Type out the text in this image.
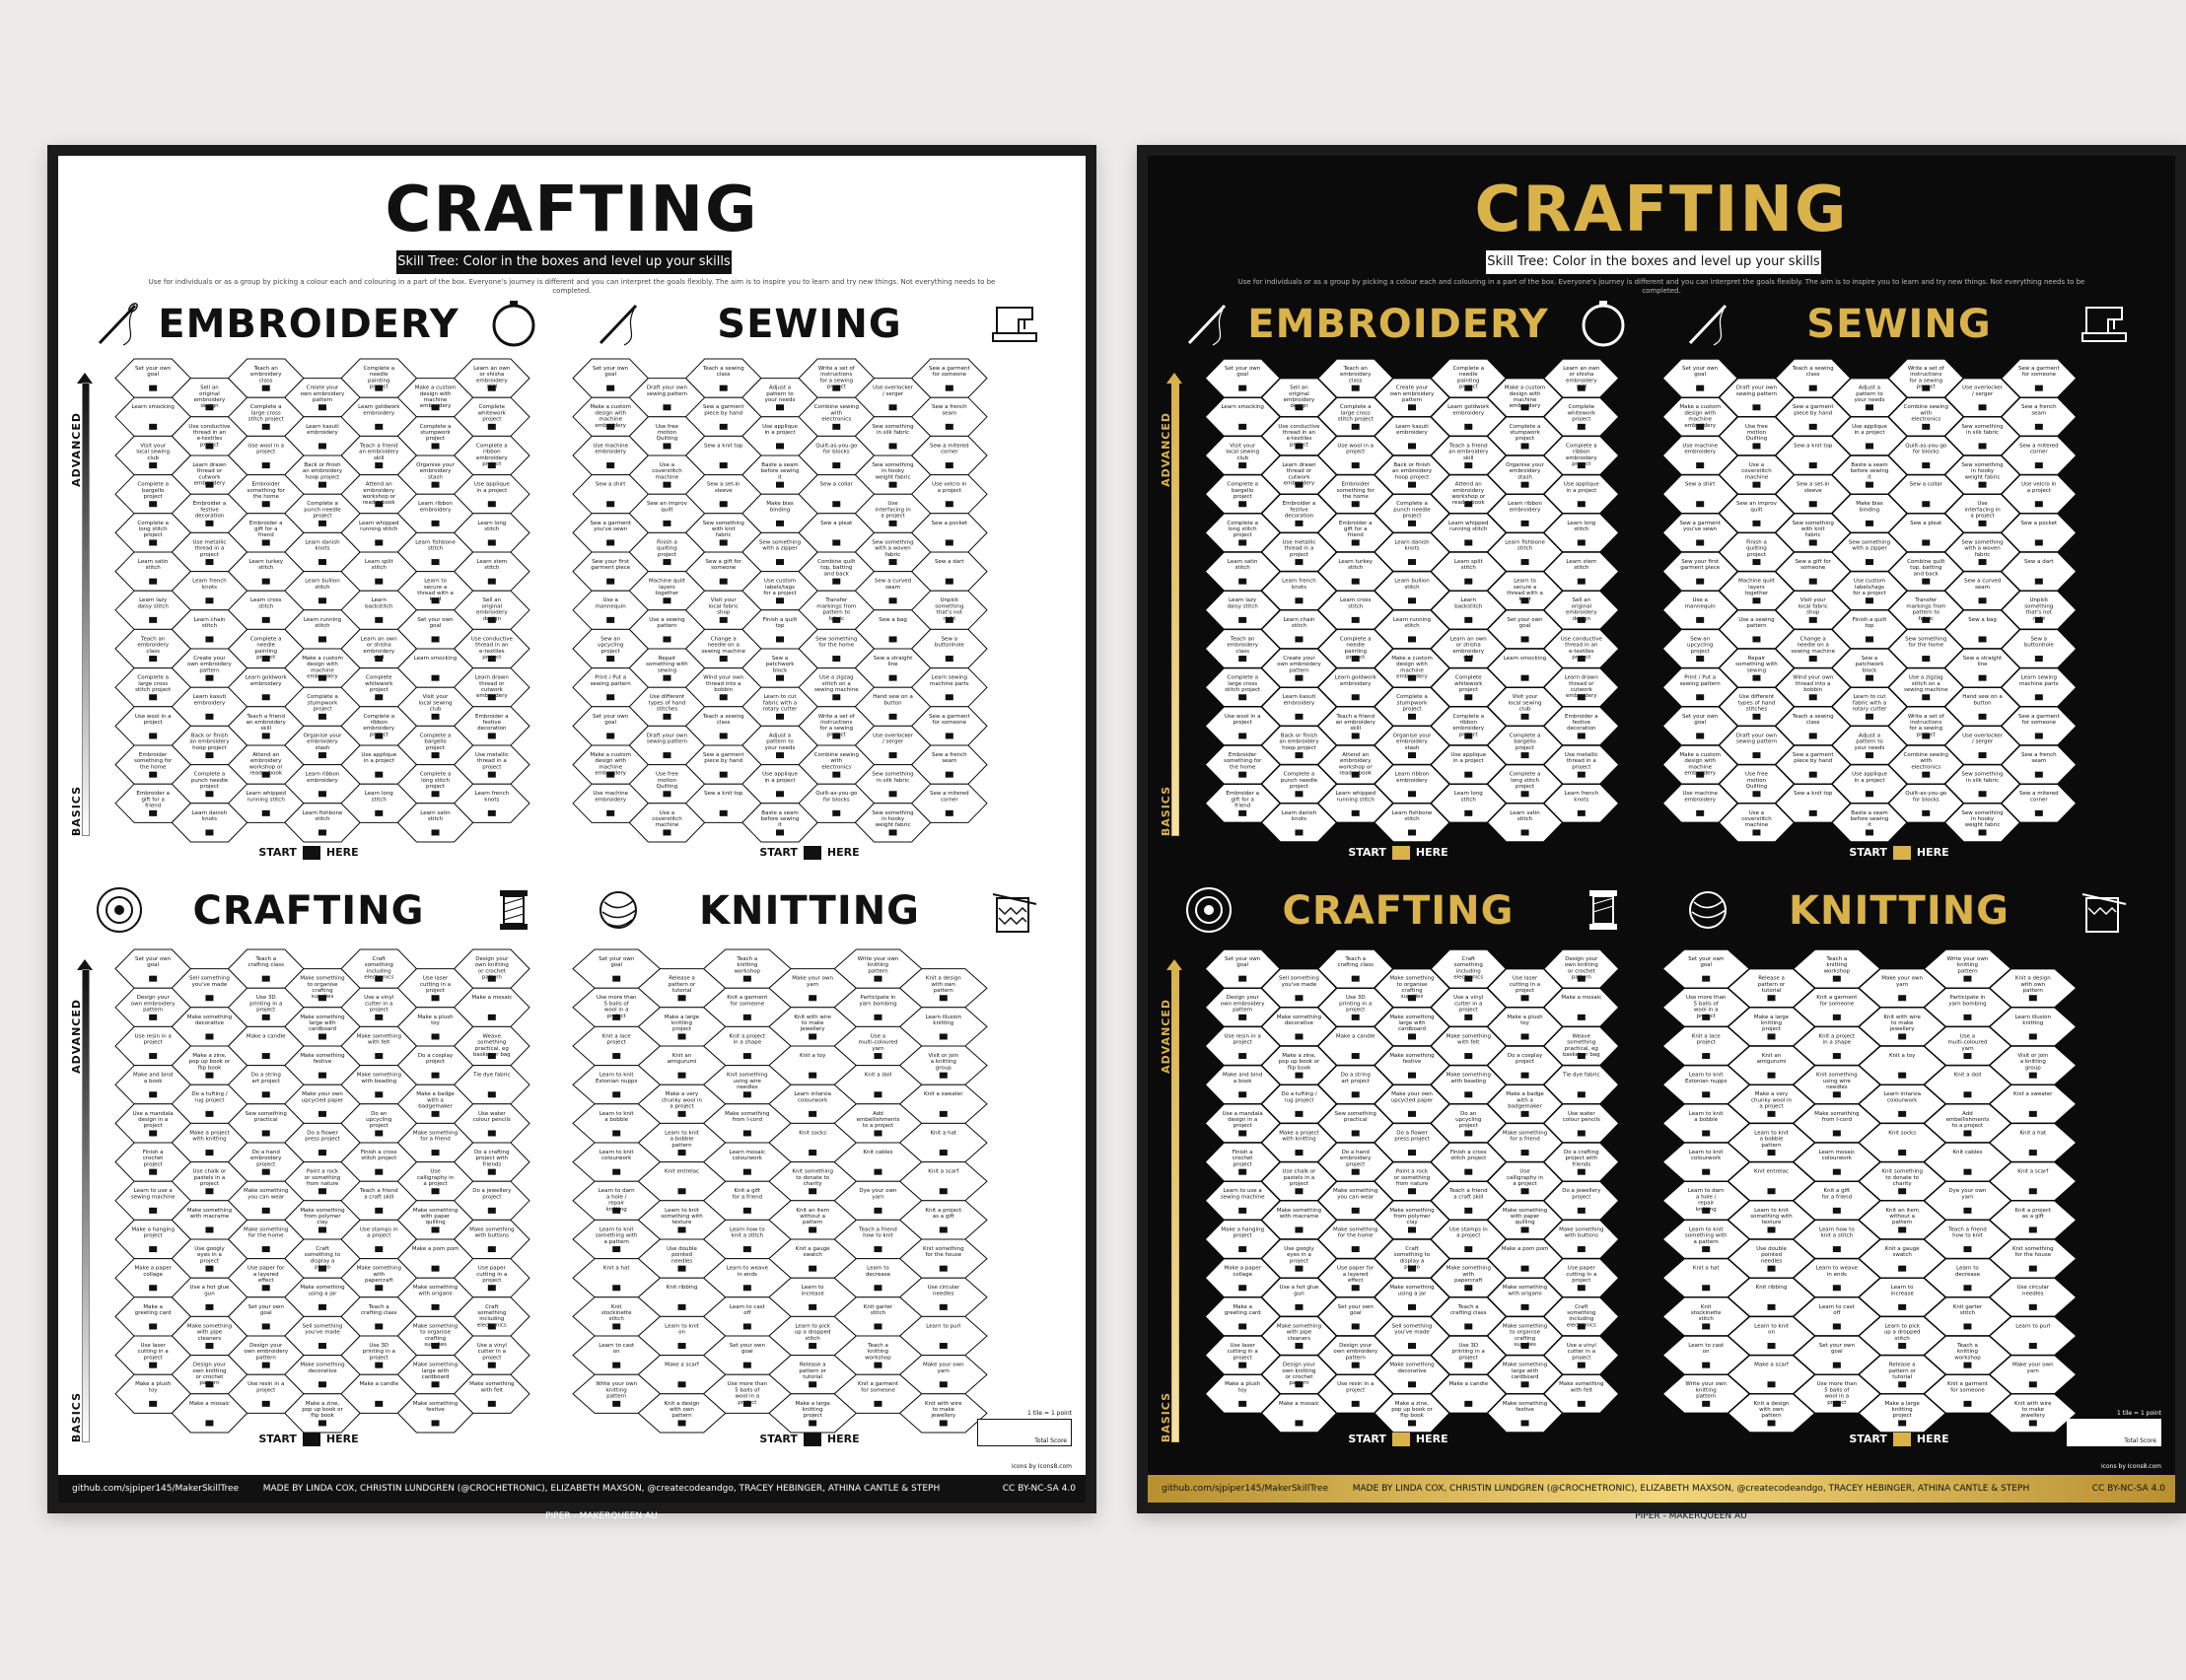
CRAFTING
Skill Tree: Color in the boxes and level up your skills
Use for individuals or as a group by picking a colour each and colouring in a part of the box. Everyone's journey is different and you can interpret the goals flexibly. The aim is to inspire you to learn and try new things. Not everything needs to be completed.
EMBROIDERY
ADVANCED
BASICS
Set your own
goal
Sell an
original
embroidery
Teach an
embroidery
class
Create your
own embroidery
pattern
Complete a
needle
painting
Make a custom
design with
machine
Learn an own
or shisha
embroidery
Learn smocking
Use conductive
thread in an
e-textiles
Complete a
large cross
stitch project
Learn kasuti
embroidery
Learn goldwork
embroidery
Complete a
stumpwork
project
Complete
whitework
project
Visit your
local sewing
club
Learn drawn
thread or
cutwork
Use wool in a
project
Back or finish
an embroidery
hoop project
Teach a friend
an embroidery
skill
Organise your
embroidery
stash
Complete a
ribbon
embroidery
Complete a
bargello
project
Embroider a
festive
decoration
Embroider
something for
the home
Complete a
punch needle
project
Attend an
embroidery
workshop or
read book	Learn ribbon
embroidery
Use applique
in a project
Complete a
long stitch
project
Use metallic
thread in a
project
Embroider a
gift for a
friend
Learn danish
knots
Learn whipped
running stitch
Learn fishbone
stitch
Learn long
stitch
Learn satin
stitch
Learn french
knots
Learn turkey
stitch
Learn bullion
stitch
Learn split
stitch
Learn to
secure a
thread with a
Learn stem
stitch
Learn lazy
daisy stitch
Learn chain
stitch
Learn cross
stitch
Learn running
stitch
Learn
backstitch
Set your own
goal
Sell an
original
embroidery
Teach an
embroidery
class
Create your
own embroidery
pattern
Complete a
needle
painting
Make a custom
design with
machine
Learn an own
or shisha
embroidery
Learn smocking
Use conductive
thread in an
e-textiles
Complete a
large cross
stitch project
Learn kasuti
embroidery
Learn goldwork
embroidery
Complete a
stumpwork
project
Complete
whitework
project
Visit your
local sewing
club
Learn drawn
thread or
cutwork
Use wool in a
project
Back or finish
an embroidery
hoop project
Teach a friend
an embroidery
skill
Organise your
embroidery
stash
Complete a
ribbon
embroidery
Complete a
bargello
project
Embroider a
festive
decoration
Embroider
something for
the home
Complete a
punch needle
project
Attend an
embroidery
workshop or
read book	Learn ribbon
embroidery
Use applique
in a project
Complete a
long stitch
project
Use metallic
thread in a
project
Embroider a
gift for a
friend
Learn danish
knots
Learn whipped
running stitch
Learn fishbone
stitch
Learn long
stitch
Learn satin
stitch
Learn french
knots
START	HERE
SEWING
Set your own
goal
Draft your own
sewing pattern
Teach a sewing
class
Adjust a
pattern to
your needs
Write a set of
instructions
for a sewing
Use overlocker
/ serger
Sew a garment
for someone
Make a custom
design with
machine
Use free
motion
Quilting
Sew a garment
piece by hand
Use applique
in a project
Combine sewing
with
electronics
Sew something
in silk fabric
Sew a french
seam
Use machine
embroidery
Use a
coverstitch
machine
Sew a knit top
Baste a seam
before sewing
it
Quilt-as-you-go
for blocks
Sew something
in hooky
weight fabric
Sew a mitered
corner
Sew a shirt
Sew an improv
quilt
Sew a set-in
sleeve
Make bias
binding
Sew a collar
Use
interfacing in
a project
Use velcro in
a project
Sew a garment
you've sewn
Finish a
quilting
project
Sew something
with knit
fabric
Sew something
with a zipper
Sew a pleat
Sew something
with a woven
fabric
Sew a pocket
Sew your first
garment piece
Machine quilt
layers
together
Sew a gift for
someone
Use custom
labels/tags
for a project
Combine quilt
top, batting
and back
Sew a curved
seam
Sew a dart
Use a
mannequin
Use a sewing
pattern
Visit your
local fabric
shop
Finish a quilt
top
Transfer
markings from
pattern to
Sew a bag
Unpick
something
that's not
Sew an
upcycling
project
Repair
something with
sewing
Change a
needle on a
sewing machine
Sew a
patchwork
block
Sew something
for the home
Sew a straight
line
Sew a
buttonhole
Print / Put a
sewing pattern
Use different
types of hand
stitches
Wind your own
thread into a
bobbin
Learn to cut
fabric with a
rotary cutter
Use a zigzag
stitch on a
sewing machine
Hand sew on a
button
Learn sewing
machine parts
Set your own
goal
Draft your own
sewing pattern
Teach a sewing
class
Adjust a
pattern to
your needs
Write a set of
instructions
for a sewing
Use overlocker
/ serger
Sew a garment
for someone
Make a custom
design with
machine
Use free
motion
Quilting
Sew a garment
piece by hand
Use applique
in a project
Combine sewing
with
electronics
Sew something
in silk fabric
Sew a french
seam
Use machine
embroidery
Use a
coverstitch
machine
Sew a knit top
Baste a seam
before sewing
it
Quilt-as-you-go
for blocks
Sew something
in hooky
weight fabric
Sew a mitered
corner
START	HERE
CRAFTING
ADVANCED
BASICS
Set your own
goal
Sell something
you've made
Teach a
crafting class
Make something
to organise
crafting
Craft
something
including
Use laser
cutting in a
project
Design your
own knitting
or crochet
Design your
own embroidery
pattern
Make something
decorative
Use 3D
printing in a
project
Make something
large with
cardboard
Use a vinyl
cutter in a
project
Make a plush
toy
Make a mosaic
Use resin in a
project
Make a zine,
pop up book or
flip book
Make a candle
Make something
festive
Make something
with felt
Do a cosplay
project
Weave
something
practical, eg
basket bag
Make and bind
a book
Do a tufting /
rug project
Do a string
art project
Make your own
upcycled paper
Make something
with beading
Make a badge
with a
badgemaker
Tie dye fabric
Use a mandala
design in a
project
Make a project
with knitting
Sew something
practical
Do a flower
press project
Do an
upcycling
project
Make something
for a friend
Use water
colour pencils
Finish a
crochet
project
Use chalk or
pastels in a
project
Do a hand
embroidery
project
Paint a rock
or something
from nature
Finish a cross
stitch project
Use
calligraphy in
a project
Do a crafting
project with
friends
Learn to use a
sewing machine
Make something
with macrame
Make something
you can wear
Make something
from polymer
clay
Teach a friend
a craft skill
Make something
with paper
quilling
Do a jewellery
project
Make a hanging
project
Use googly
eyes in a
project
Make something
for the home
Craft
something to
display a
Use stamps in
a project
Make a pom pom
Make something
with buttons
Make a paper
collage
Use a hot glue
gun
Use paper for
a layered
effect
Make something
using a jar
Make something
with
papercraft
Make something
with origami
Use paper
cutting in a
project
Make a
greeting card
Make something
with pipe
cleaners
Set your own
goal
Sell something
you've made
Teach a
crafting class
Make something
to organise
crafting
Craft
something
including
Use laser
cutting in a
project
Design your
own knitting
or crochet
Design your
own embroidery
pattern
Make something
decorative
Use 3D
printing in a
project
Make something
large with
cardboard
Use a vinyl
cutter in a
project
Make a plush
toy
Make a mosaic
Use resin in a
project
Make a zine,
pop up book or
flip book
Make a candle
Make something
festive
Make something
with felt
START	HERE
KNITTING
Set your own
goal
Release a
pattern or
tutorial
Teach a
knitting
workshop
Make your own
yarn
Write your own
knitting
pattern
Knit a design
with own
pattern
Use more than
5 balls of
wool in a
Make a large
knitting
project
Knit a garment
for someone
Knit with wire
to make
jewellery
Participate in
yarn bombing
Learn illusion
knitting
Knit a lace
project
Knit an
amigurumi
Knit a project
in a shape
Knit a toy
Use a
multi-coloured
yarn
Visit or join
a knitting
group
Learn to knit
Estonian nupps
Make a very
chunky wool in
a project
Knit something
using wire
needles
Learn intarsia
colourwork
Knit a doll
Knit a sweater
Learn to knit
a bobble
Learn to knit
a bobble
pattern
Make something
from I-cord
Knit socks
Add
embellishments
to a project
Knit a hat
Learn to knit
colourwork
Knit entrelac
Learn mosaic
colourwork
Knit something
to donate to
charity
Knit cables
Knit a scarf
Learn to darn
a hole /
repair
Learn to knit
something with
texture
Knit a gift
for a friend
Knit an item
without a
pattern
Dye your own
yarn
Knit a project
as a gift
Learn to knit
something with
a pattern
Use double
pointed
needles
Learn how to
knit a stitch
Knit a gauge
swatch
Teach a friend
how to knit
Knit something
for the house
Knit a hat
Knit ribbing
Learn to weave
in ends
Learn to
increase
Learn to
decrease
Use circular
needles
Knit
stockinette
stitch
Learn to knit
on
Learn to cast
off
Learn to pick
up a dropped
stitch
Knit garter
stitch
Learn to purl
Learn to cast
on
Make a scarf
Set your own
goal
Release a
pattern or
tutorial
Teach a
knitting
workshop
Make your own
yarn
Write your own
knitting
pattern
Knit a design
with own
pattern
Use more than
5 balls of
wool in a
Make a large
knitting
project
Knit a garment
for someone
Knit with wire
to make
jewellery
START	HERE
1 tile = 1 point
Total Score
Icons by Icons8.com
github.com/sjpiper145/MakerSkillTree	MADE BY LINDA COX, CHRISTIN LUNDGREN (@CROCHETRONIC), ELIZABETH MAXSON, @createcodeandgo, TRACEY HEBINGER, ATHINA CANTLE & STEPH PIPER - MAKERQUEEN AU
CC BY-NC-SA 4.0
CRAFTING
Skill Tree: Color in the boxes and level up your skills
Use for individuals or as a group by picking a colour each and colouring in a part of the box. Everyone's journey is different and you can interpret the goals flexibly. The aim is to inspire you to learn and try new things. Not everything needs to be completed.
EMBROIDERY
ADVANCED
BASICS
Set your own
goal
Sell an
original
embroidery
Teach an
embroidery
class
Create your
own embroidery
pattern
Complete a
needle
painting
Make a custom
design with
machine
Learn an own
or shisha
embroidery
Learn smocking
Use conductive
thread in an
e-textiles
Complete a
large cross
stitch project
Learn kasuti
embroidery
Learn goldwork
embroidery
Complete a
stumpwork
project
Complete
whitework
project
Visit your
local sewing
club
Learn drawn
thread or
cutwork
Use wool in a
project
Back or finish
an embroidery
hoop project
Teach a friend
an embroidery
skill
Organise your
embroidery
stash
Complete a
ribbon
embroidery
Complete a
bargello
project
Embroider a
festive
decoration
Embroider
something for
the home
Complete a
punch needle
project
Attend an
embroidery
workshop or
read book	Learn ribbon
embroidery
Use applique
in a project
Complete a
long stitch
project
Use metallic
thread in a
project
Embroider a
gift for a
friend
Learn danish
knots
Learn whipped
running stitch
Learn fishbone
stitch
Learn long
stitch
Learn satin
stitch
Learn french
knots
Learn turkey
stitch
Learn bullion
stitch
Learn split
stitch
Learn to
secure a
thread with a
Learn stem
stitch
Learn lazy
daisy stitch
Learn chain
stitch
Learn cross
stitch
Learn running
stitch
Learn
backstitch
Set your own
goal
Sell an
original
embroidery
Teach an
embroidery
class
Create your
own embroidery
pattern
Complete a
needle
painting
Make a custom
design with
machine
Learn an own
or shisha
embroidery
Learn smocking
Use conductive
thread in an
e-textiles
Complete a
large cross
stitch project
Learn kasuti
embroidery
Learn goldwork
embroidery
Complete a
stumpwork
project
Complete
whitework
project
Visit your
local sewing
club
Learn drawn
thread or
cutwork
Use wool in a
project
Back or finish
an embroidery
hoop project
Teach a friend
an embroidery
skill
Organise your
embroidery
stash
Complete a
ribbon
embroidery
Complete a
bargello
project
Embroider a
festive
decoration
Embroider
something for
the home
Complete a
punch needle
project
Attend an
embroidery
workshop or
read book	Learn ribbon
embroidery
Use applique
in a project
Complete a
long stitch
project
Use metallic
thread in a
project
Embroider a
gift for a
friend
Learn danish
knots
Learn whipped
running stitch
Learn fishbone
stitch
Learn long
stitch
Learn satin
stitch
Learn french
knots
START	HERE
SEWING
Set your own
goal
Draft your own
sewing pattern
Teach a sewing
class
Adjust a
pattern to
your needs
Write a set of
instructions
for a sewing
Use overlocker
/ serger
Sew a garment
for someone
Make a custom
design with
machine
Use free
motion
Quilting
Sew a garment
piece by hand
Use applique
in a project
Combine sewing
with
electronics
Sew something
in silk fabric
Sew a french
seam
Use machine
embroidery
Use a
coverstitch
machine
Sew a knit top
Baste a seam
before sewing
it
Quilt-as-you-go
for blocks
Sew something
in hooky
weight fabric
Sew a mitered
corner
Sew a shirt
Sew an improv
quilt
Sew a set-in
sleeve
Make bias
binding
Sew a collar
Use
interfacing in
a project
Use velcro in
a project
Sew a garment
you've sewn
Finish a
quilting
project
Sew something
with knit
fabric
Sew something
with a zipper
Sew a pleat
Sew something
with a woven
fabric
Sew a pocket
Sew your first
garment piece
Machine quilt
layers
together
Sew a gift for
someone
Use custom
labels/tags
for a project
Combine quilt
top, batting
and back
Sew a curved
seam
Sew a dart
Use a
mannequin
Use a sewing
pattern
Visit your
local fabric
shop
Finish a quilt
top
Transfer
markings from
pattern to
Sew a bag
Unpick
something
that's not
Sew an
upcycling
project
Repair
something with
sewing
Change a
needle on a
sewing machine
Sew a
patchwork
block
Sew something
for the home
Sew a straight
line
Sew a
buttonhole
Print / Put a
sewing pattern
Use different
types of hand
stitches
Wind your own
thread into a
bobbin
Learn to cut
fabric with a
rotary cutter
Use a zigzag
stitch on a
sewing machine
Hand sew on a
button
Learn sewing
machine parts
Set your own
goal
Draft your own
sewing pattern
Teach a sewing
class
Adjust a
pattern to
your needs
Write a set of
instructions
for a sewing
Use overlocker
/ serger
Sew a garment
for someone
Make a custom
design with
machine
Use free
motion
Quilting
Sew a garment
piece by hand
Use applique
in a project
Combine sewing
with
electronics
Sew something
in silk fabric
Sew a french
seam
Use machine
embroidery
Use a
coverstitch
machine
Sew a knit top
Baste a seam
before sewing
it
Quilt-as-you-go
for blocks
Sew something
in hooky
weight fabric
Sew a mitered
corner
START	HERE
CRAFTING
ADVANCED
BASICS
Set your own
goal
Sell something
you've made
Teach a
crafting class
Make something
to organise
crafting
Craft
something
including
Use laser
cutting in a
project
Design your
own knitting
or crochet
Design your
own embroidery
pattern
Make something
decorative
Use 3D
printing in a
project
Make something
large with
cardboard
Use a vinyl
cutter in a
project
Make a plush
toy
Make a mosaic
Use resin in a
project
Make a zine,
pop up book or
flip book
Make a candle
Make something
festive
Make something
with felt
Do a cosplay
project
Weave
something
practical, eg
basket bag
Make and bind
a book
Do a tufting /
rug project
Do a string
art project
Make your own
upcycled paper
Make something
with beading
Make a badge
with a
badgemaker
Tie dye fabric
Use a mandala
design in a
project
Make a project
with knitting
Sew something
practical
Do a flower
press project
Do an
upcycling
project
Make something
for a friend
Use water
colour pencils
Finish a
crochet
project
Use chalk or
pastels in a
project
Do a hand
embroidery
project
Paint a rock
or something
from nature
Finish a cross
stitch project
Use
calligraphy in
a project
Do a crafting
project with
friends
Learn to use a
sewing machine
Make something
with macrame
Make something
you can wear
Make something
from polymer
clay
Teach a friend
a craft skill
Make something
with paper
quilling
Do a jewellery
project
Make a hanging
project
Use googly
eyes in a
project
Make something
for the home
Craft
something to
display a
Use stamps in
a project
Make a pom pom
Make something
with buttons
Make a paper
collage
Use a hot glue
gun
Use paper for
a layered
effect
Make something
using a jar
Make something
with
papercraft
Make something
with origami
Use paper
cutting in a
project
Make a
greeting card
Make something
with pipe
cleaners
Set your own
goal
Sell something
you've made
Teach a
crafting class
Make something
to organise
crafting
Craft
something
including
Use laser
cutting in a
project
Design your
own knitting
or crochet
Design your
own embroidery
pattern
Make something
decorative
Use 3D
printing in a
project
Make something
large with
cardboard
Use a vinyl
cutter in a
project
Make a plush
toy
Make a mosaic
Use resin in a
project
Make a zine,
pop up book or
flip book
Make a candle
Make something
festive
Make something
with felt
START	HERE
KNITTING
Set your own
goal
Release a
pattern or
tutorial
Teach a
knitting
workshop
Make your own
yarn
Write your own
knitting
pattern
Knit a design
with own
pattern
Use more than
5 balls of
wool in a
Make a large
knitting
project
Knit a garment
for someone
Knit with wire
to make
jewellery
Participate in
yarn bombing
Learn illusion
knitting
Knit a lace
project
Knit an
amigurumi
Knit a project
in a shape
Knit a toy
Use a
multi-coloured
yarn
Visit or join
a knitting
group
Learn to knit
Estonian nupps
Make a very
chunky wool in
a project
Knit something
using wire
needles
Learn intarsia
colourwork
Knit a doll
Knit a sweater
Learn to knit
a bobble
Learn to knit
a bobble
pattern
Make something
from I-cord
Knit socks
Add
embellishments
to a project
Knit a hat
Learn to knit
colourwork
Knit entrelac
Learn mosaic
colourwork
Knit something
to donate to
charity
Knit cables
Knit a scarf
Learn to darn
a hole /
repair
Learn to knit
something with
texture
Knit a gift
for a friend
Knit an item
without a
pattern
Dye your own
yarn
Knit a project
as a gift
Learn to knit
something with
a pattern
Use double
pointed
needles
Learn how to
knit a stitch
Knit a gauge
swatch
Teach a friend
how to knit
Knit something
for the house
Knit a hat
Knit ribbing
Learn to weave
in ends
Learn to
increase
Learn to
decrease
Use circular
needles
Knit
stockinette
stitch
Learn to knit
on
Learn to cast
off
Learn to pick
up a dropped
stitch
Knit garter
stitch
Learn to purl
Learn to cast
on
Make a scarf
Set your own
goal
Release a
pattern or
tutorial
Teach a
knitting
workshop
Make your own
yarn
Write your own
knitting
pattern
Knit a design
with own
pattern
Use more than
5 balls of
wool in a
Make a large
knitting
project
Knit a garment
for someone
Knit with wire
to make
jewellery
START	HERE
1 tile = 1 point
Total Score
Icons by Icons8.com
github.com/sjpiper145/MakerSkillTree	MADE BY LINDA COX, CHRISTIN LUNDGREN (@CROCHETRONIC), ELIZABETH MAXSON, @createcodeandgo, TRACEY HEBINGER, ATHINA CANTLE & STEPH PIPER - MAKERQUEEN AU
CC BY-NC-SA 4.0
